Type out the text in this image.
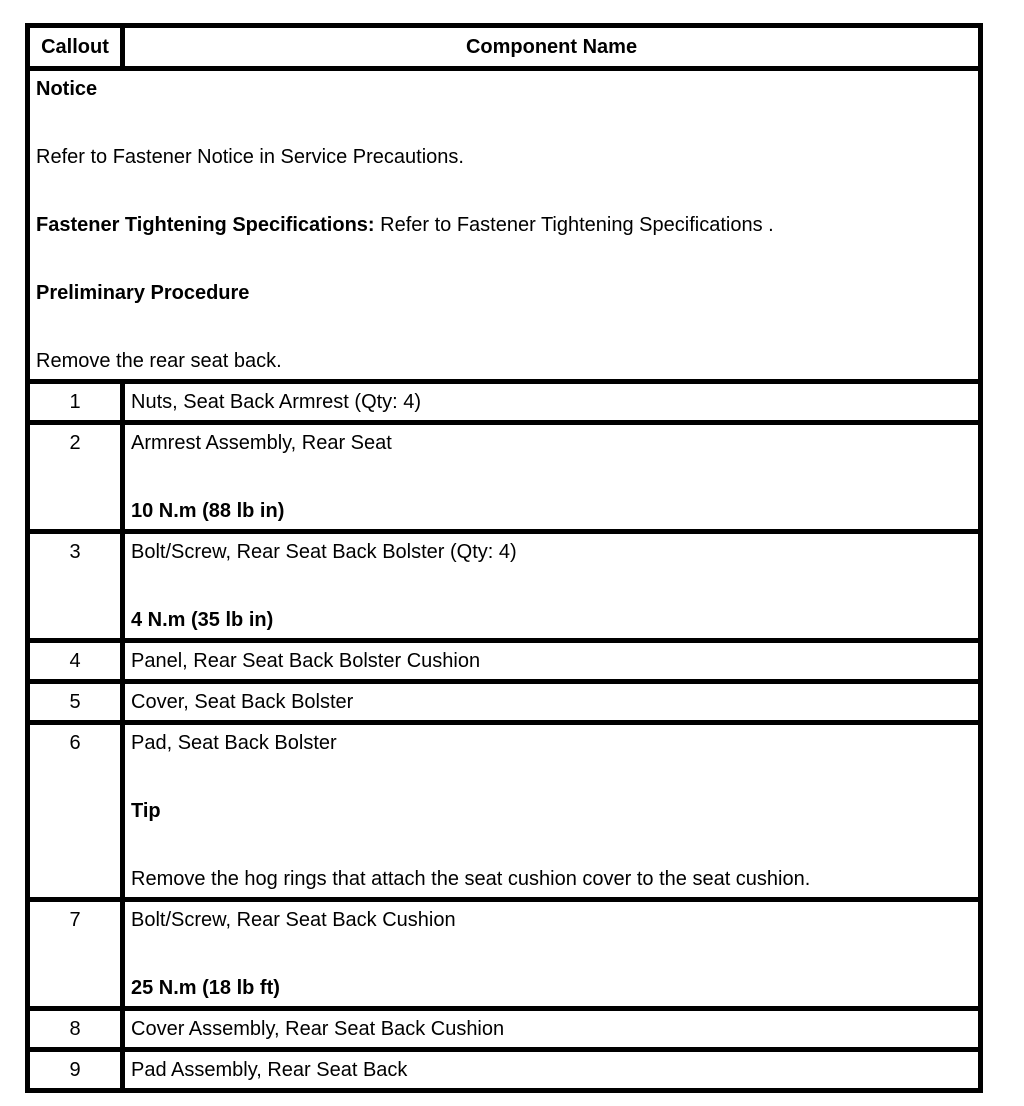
Callout	Component Name

Notice

Refer to Fastener Notice in Service Precautions.

Fastener Tightening Specifications: Refer to Fastener Tightening Specifications .

Preliminary Procedure

Remove the rear seat back.	

1	Nuts, Seat Back Armrest (Qty: 4)

2	Armrest Assembly, Rear Seat

10 N.m (88 lb in)

3	Bolt/Screw, Rear Seat Back Bolster (Qty: 4)

4 N.m (35 lb in)

4	Panel, Rear Seat Back Bolster Cushion

5	Cover, Seat Back Bolster

6	Pad, Seat Back Bolster

Tip

Remove the hog rings that attach the seat cushion cover to the seat cushion.

7	Bolt/Screw, Rear Seat Back Cushion

25 N.m (18 lb ft)

8	Cover Assembly, Rear Seat Back Cushion

9	Pad Assembly, Rear Seat Back
